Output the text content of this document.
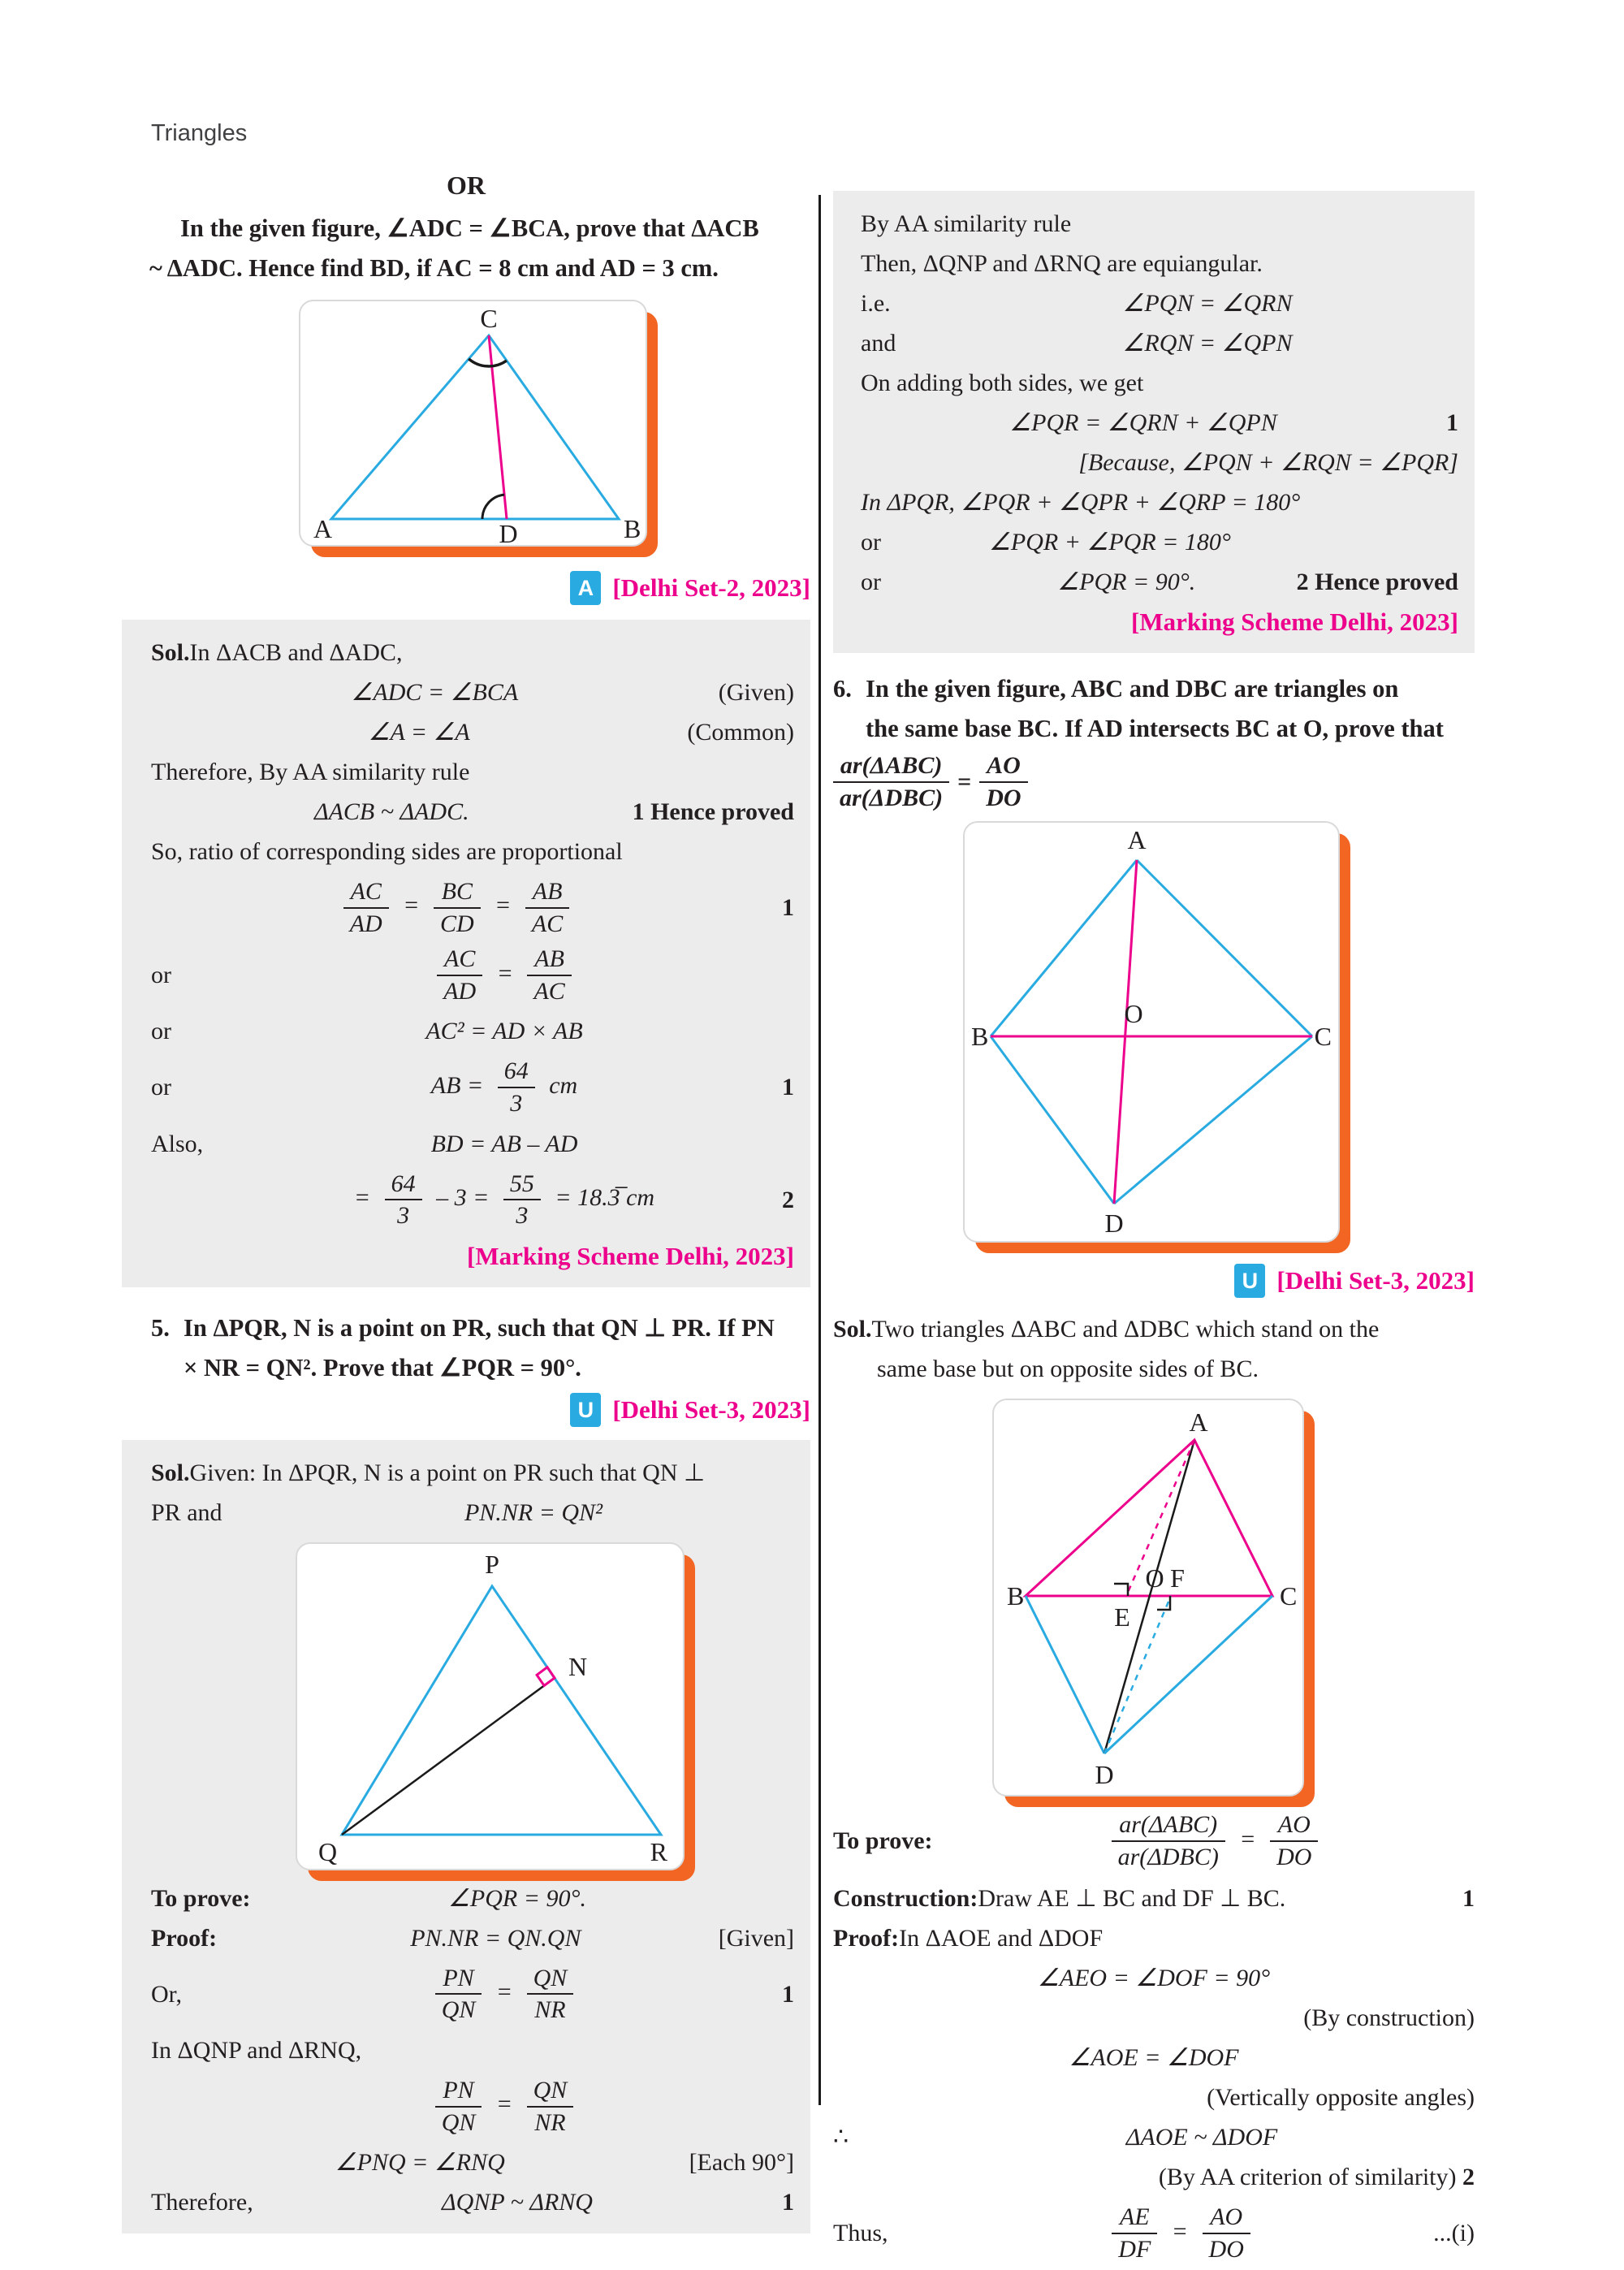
Triangles
OR
In the given figure, ∠ADC = ∠BCA, prove that ΔACB
~ ΔADC. Hence find BD, if AC = 8 cm and AD = 3 cm.
A	B
C
D
A [Delhi Set-2, 2023]
Sol. In ΔACB and ΔADC,
∠ADC = ∠BCA	(Given)
∠A = ∠A	(Common)
Therefore, By AA similarity rule
ΔACB ~ ΔADC.	1 Hence proved
So, ratio of corresponding sides are proportional
$\frac{AC}{AD} = \frac{BC}{CD} = \frac{AB}{AC}$	1
or	$\frac{AC}{AD} = \frac{AB}{AC}$
or	AC² = AD × AB
or	AB = $\frac{64}{3}$ cm	1
Also,	BD = AB – AD
= $\frac{64}{3} - 3 = \frac{55}{3}$ = 18.3̅ cm	2
[Marking Scheme Delhi, 2023]
5. In ΔPQR, N is a point on PR, such that QN ⊥ PR. If PN
× NR = QN². Prove that ∠PQR = 90°.
U [Delhi Set-3, 2023]
Sol. Given: In ΔPQR, N is a point on PR such that QN ⊥
PR and	PN.NR = QN²
P
N
Q	R
To prove:	∠PQR = 90°.
Proof:	PN.NR = QN.QN	[Given]
Or,	$\frac{PN}{QN} = \frac{QN}{NR}$	1
In ΔQNP and ΔRNQ,
$\frac{PN}{QN} = \frac{QN}{NR}$
∠PNQ = ∠RNQ	[Each 90°]
Therefore,	ΔQNP ~ ΔRNQ	1
By AA similarity rule
Then, ΔQNP and ΔRNQ are equiangular.
i.e.	∠PQN = ∠QRN
and	∠RQN = ∠QPN
On adding both sides, we get
∠PQR = ∠QRN + ∠QPN	1
[Because, ∠PQN + ∠RQN = ∠PQR]
In ΔPQR, ∠PQR + ∠QPR + ∠QRP = 180°
or	∠PQR + ∠PQR = 180°
or	∠PQR = 90°.	2 Hence proved
[Marking Scheme Delhi, 2023]
6. In the given figure, ABC and DBC are triangles on
the same base BC. If AD intersects BC at O, prove that
ar(ΔABC)
ar(ΔDBC)
= $\frac{AO}{DO}$
A
B	C
D
O
U [Delhi Set-3, 2023]
Sol. Two triangles ΔABC and ΔDBC which stand on the
same base but on opposite sides of BC.
A
B	C
D
E
O F
To prove:
ar(ΔABC)
ar(ΔDBC)
= $\frac{AO}{DO}$
Construction: Draw AE ⊥ BC and DF ⊥ BC.	1
Proof: In ΔAOE and ΔDOF
∠AEO = ∠DOF = 90°
(By construction)
∠AOE = ∠DOF
(Vertically opposite angles)
∴	ΔAOE ~ ΔDOF
(By AA criterion of similarity) 2
Thus,	$\frac{AE}{DF} = \frac{AO}{DO}$	...(i)
